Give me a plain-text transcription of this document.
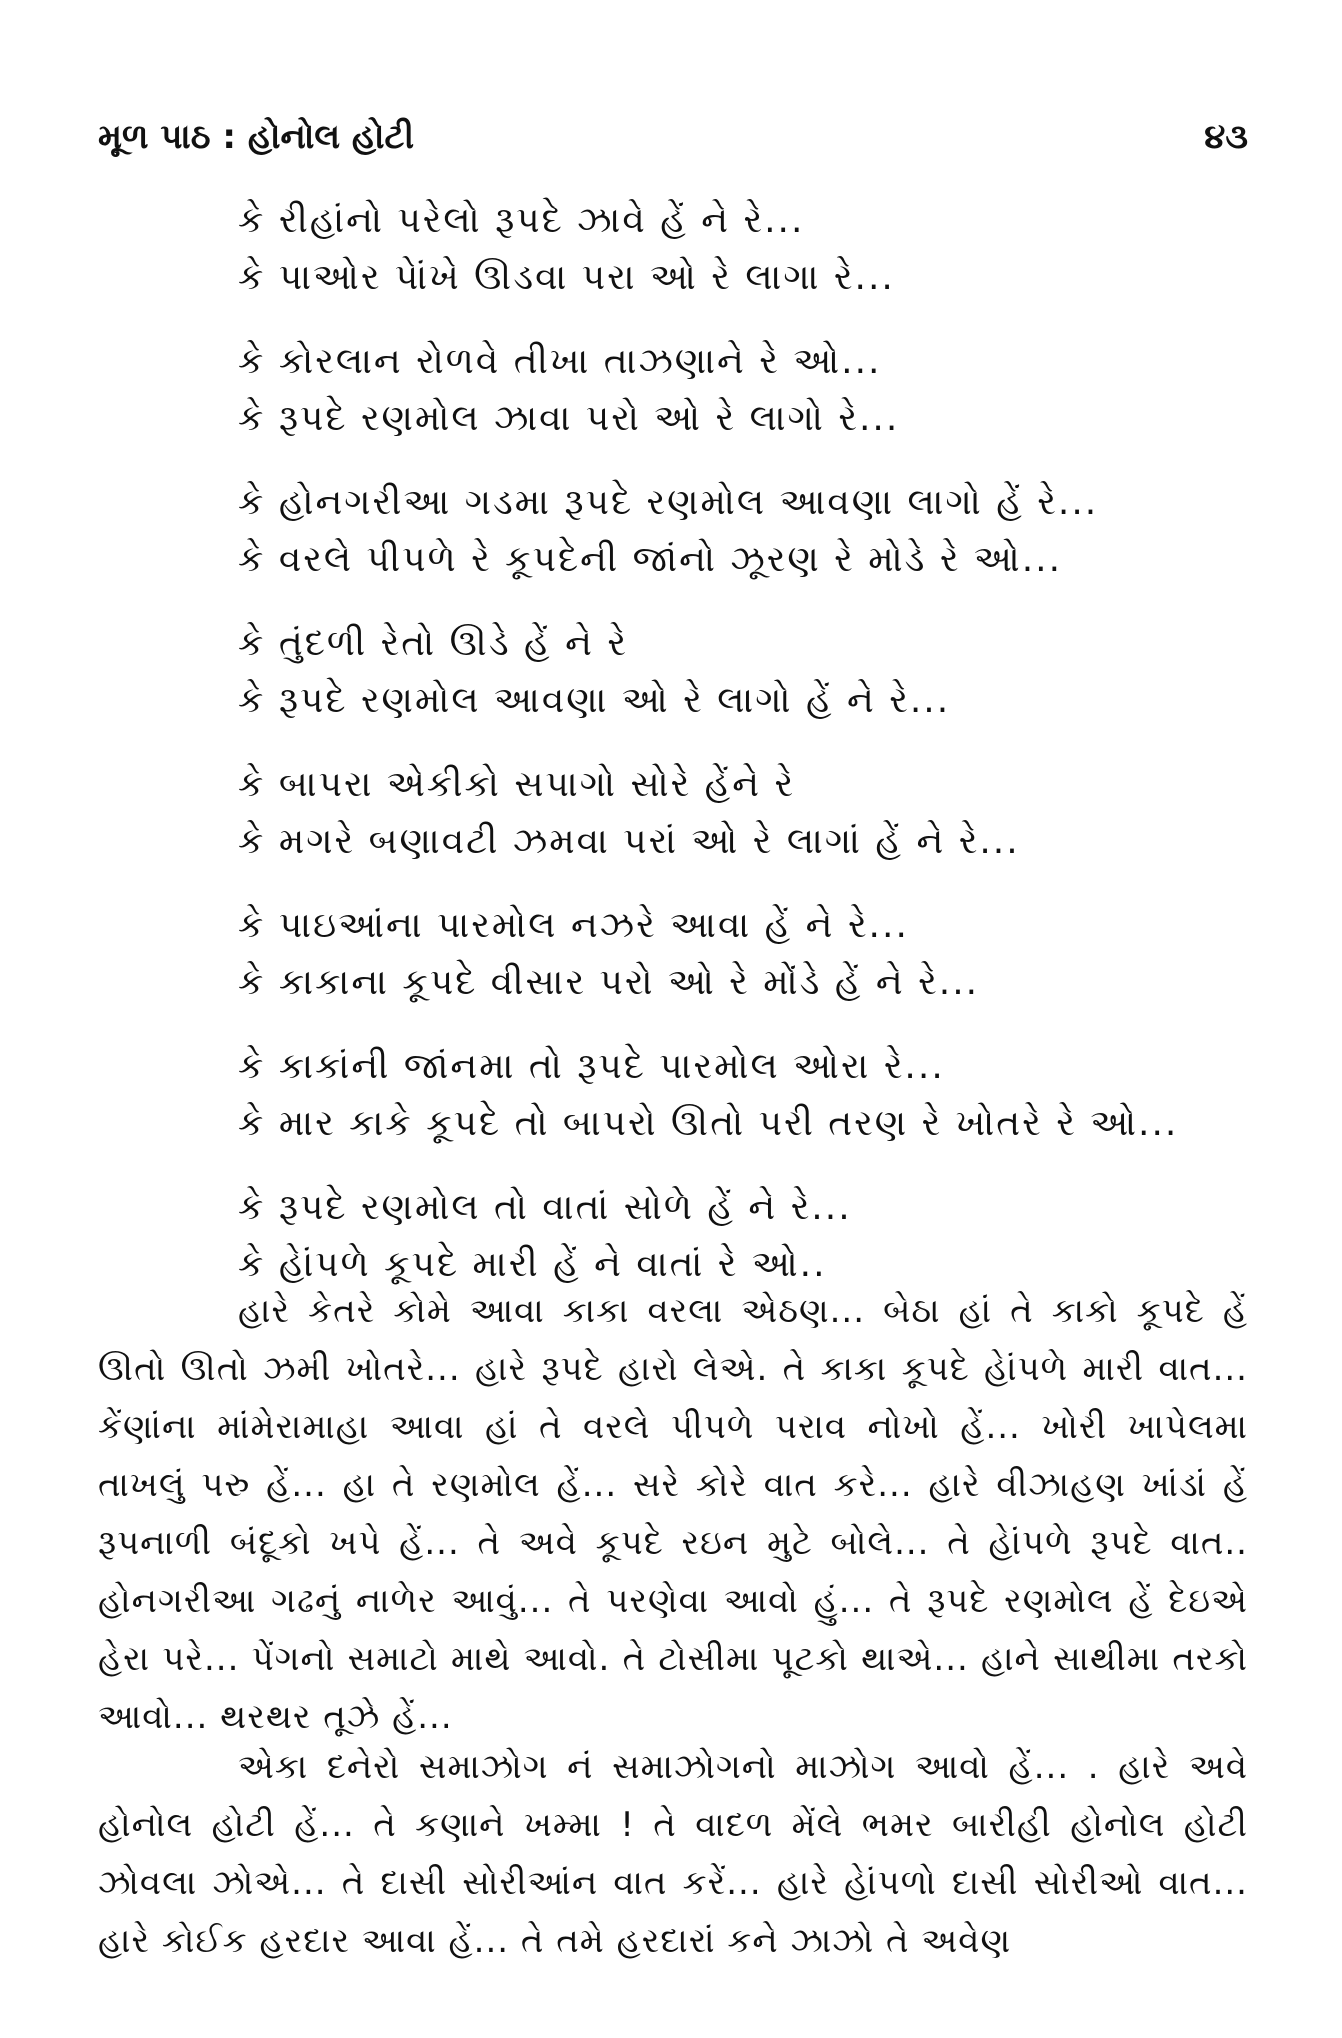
મૂળ પાઠ : હોનોલ હોટી	૪૩
કે રીહાંનો પરેલો રૂપદે ઝાવે હેં ને રે...
કે પાઓર પેાંખે ઊડવા પરા ઓ રે લાગા રે...
કે કોરલાન રોળવે તીખા તાઝણાને રે ઓ...
કે રૂપદે રણમોલ ઝાવા પરો ઓ રે લાગો રે...
કે હોનગરીઆ ગડમા રૂપદે રણમોલ આવણા લાગો હેં રે...
કે વરલે પીપળે રે કૂપદેની જાંનો ઝૂરણ રે મોડે રે ઓ...
કે તુંદળી રેતો ઊડે હેં ને રે
કે રૂપદે રણમોલ આવણા ઓ રે લાગો હેં ને રે...
કે બાપરા એકીકો સપાગો સોરે હેંને રે
કે મગરે બણાવટી ઝમવા પરાં ઓ રે લાગાં હેં ને રે...
કે પાઇઆંના પારમોલ નઝરે આવા હેં ને રે...
કે કાકાના કૂપદે વીસાર પરો ઓ રે મોંડે હેં ને રે...
કે કાકાંની જાંનમા તો રૂપદે પારમોલ ઓરા રે...
કે માર કાકે કૂપદે તો બાપરો ઊતો પરી તરણ રે ખોતરે રે ઓ...
કે રૂપદે રણમોલ તો વાતાં સોળે હેં ને રે...
કે હેાંપળે કૂપદે મારી હેં ને વાતાં રે ઓ..

હારે કેતરે કોમે આવા કાકા વરલા એઠણ... બેઠા હાં તે કાકો કૂપદે હેં ઊતો ઊતો ઝમી ખોતરે... હારે રૂપદે હારો લેએ. તે કાકા કૂપદે હેાંપળે મારી વાત... કેંણાંના માંમેરામાહા આવા હાં તે વરલે પીપળે પરાવ નોખો હેં... ખોરી ખાપેલમા તાખલું પરુ હેં... હા તે રણમોલ હેં... સરે કોરે વાત કરે... હારે વીઝાહણ ખાંડાં હેં રૂપનાળી બંદૂકો ખપે હેં... તે અવે કૂપદે રઇન મુટે બોલે... તે હેાંપળે રૂપદે વાત.. હોનગરીઆ ગઢનું નાળેર આવું... તે પરણેવા આવો હું... તે રૂપદે રણમોલ હેં દેઇએ હેરા પરે... પેંગનો સમાટો માથે આવો. તે ટોસીમા પૂટકો થાએ... હાને સાથીમા તરકો આવો... થરથર તૂઝે હેં...

એકા દનેરો સમાઝોગ નં સમાઝોગનો માઝોગ આવો હેં... . હારે અવે હોનોલ હોટી હેં... તે કણાને ખમ્મા ! તે વાદળ મેંલે ભમર બારીહી હોનોલ હોટી ઝોવલા ઝોએ... તે દાસી સોરીઆંન વાત કરેં... હારે હેાંપળો દાસી સોરીઓ વાત... હારે કોઈક હરદાર આવા હેં... તે તમે હરદારાં કને ઝાઝો તે અવેણ
